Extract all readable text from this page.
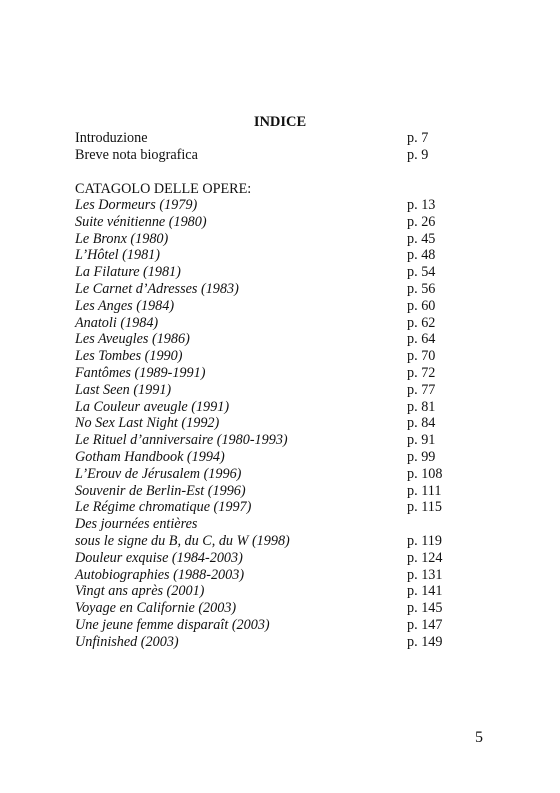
INDICE
Introduzione	p. 7
Breve nota biografica	p. 9
CATAGOLO DELLE OPERE:
Les Dormeurs (1979)	p. 13
Suite vénitienne (1980)	p. 26
Le Bronx (1980)	p. 45
L’Hôtel (1981)	p. 48
La Filature (1981)	p. 54
Le Carnet d’Adresses (1983)	p. 56
Les Anges (1984)	p. 60
Anatoli (1984)	p. 62
Les Aveugles (1986)	p. 64
Les Tombes (1990)	p. 70
Fantômes (1989-1991)	p. 72
Last Seen (1991)	p. 77
La Couleur aveugle (1991)	p. 81
No Sex Last Night (1992)	p. 84
Le Rituel d’anniversaire (1980-1993)	p. 91
Gotham Handbook (1994)	p. 99
L’Erouv de Jérusalem (1996)	p. 108
Souvenir de Berlin-Est (1996)	p. 111
Le Régime chromatique (1997)	p. 115
Des journées entières
sous le signe du B, du C, du W (1998)	p. 119
Douleur exquise (1984-2003)	p. 124
Autobiographies (1988-2003)	p. 131
Vingt ans après (2001)	p. 141
Voyage en Californie (2003)	p. 145
Une jeune femme disparaît (2003)	p. 147
Unfinished (2003)	p. 149
5
